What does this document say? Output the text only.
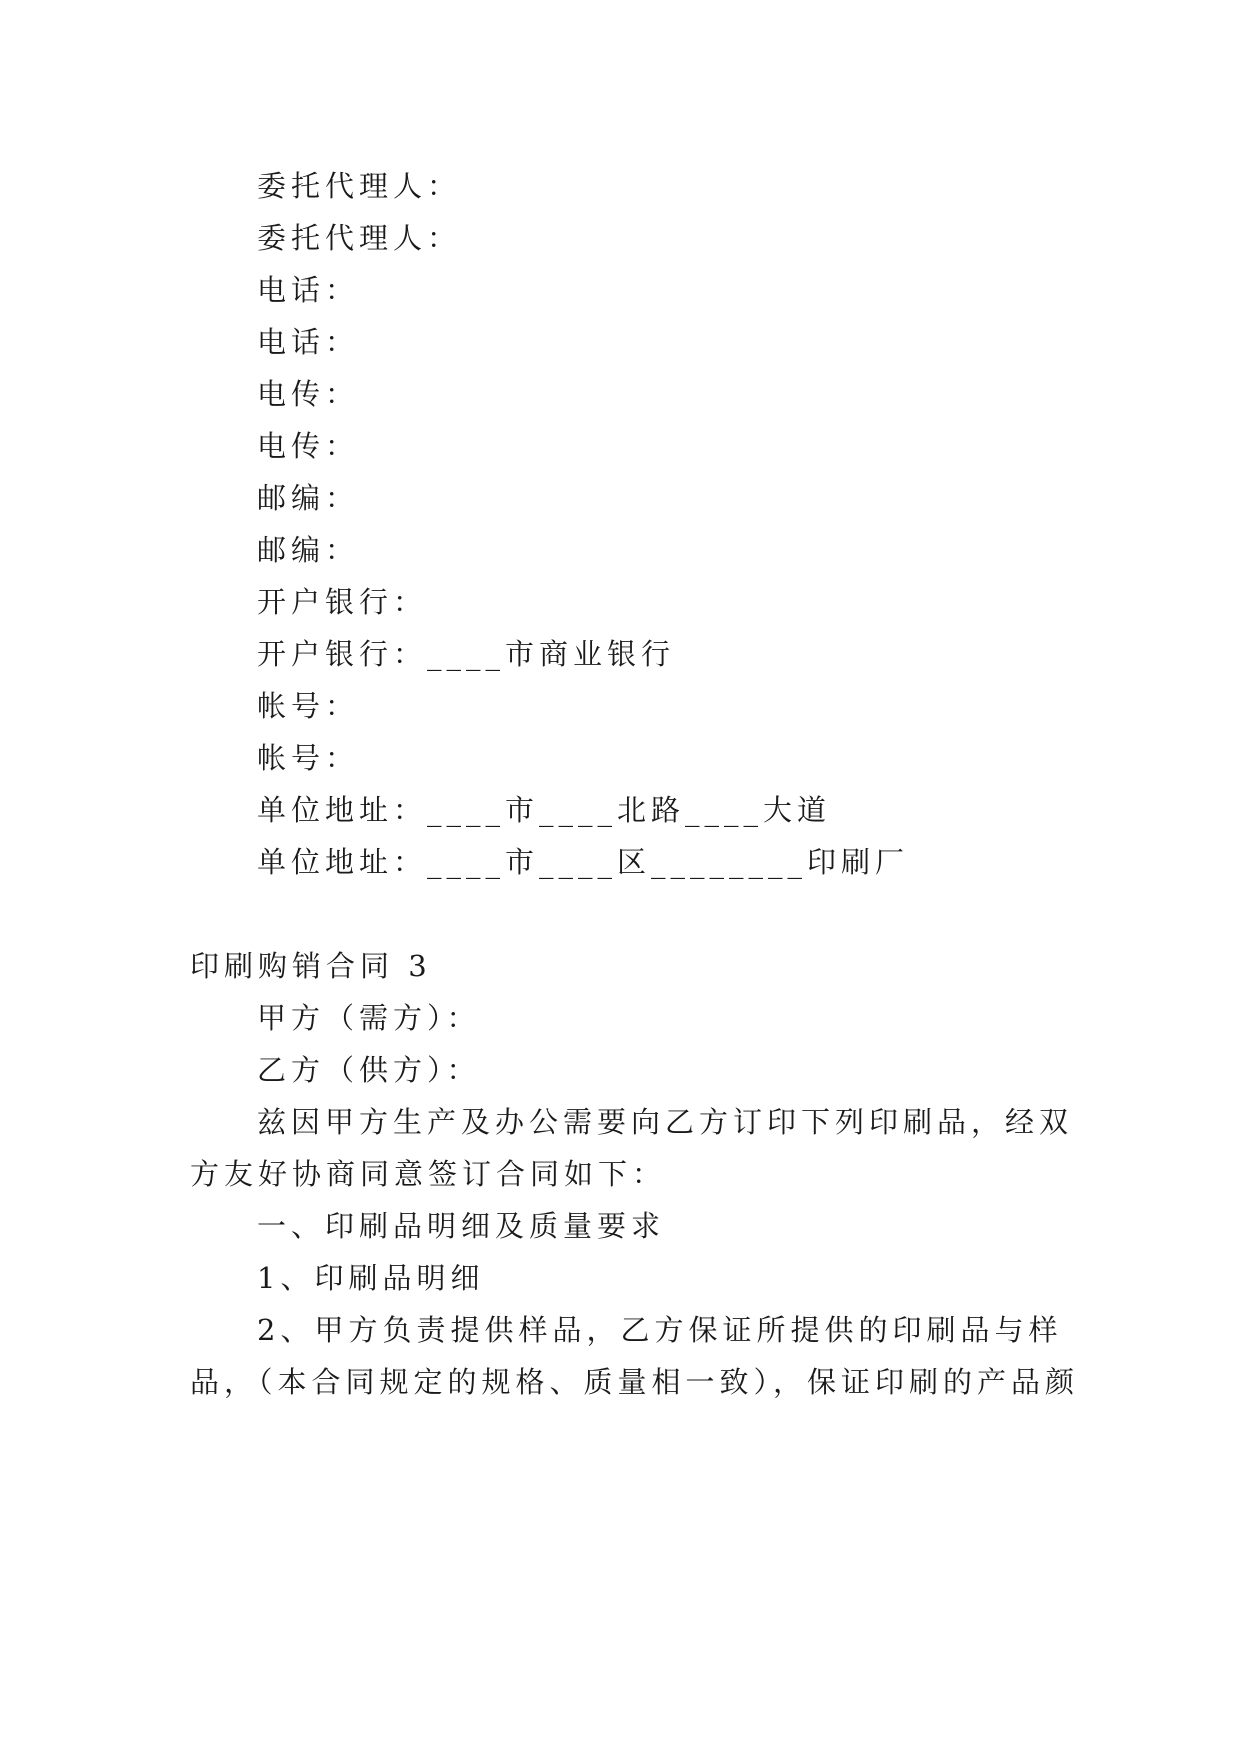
委托代理人：
委托代理人：
电话：
电话：
电传：
电传：
邮编：
邮编：
开户银行：
开户银行：____市商业银行
帐号：
帐号：
单位地址：____市____北路____大道
单位地址：____市____区________印刷厂
印刷购销合同 3
甲方（需方）：
乙方（供方）：
兹因甲方生产及办公需要向乙方订印下列印刷品，经双
方友好协商同意签订合同如下：
一、印刷品明细及质量要求
1、印刷品明细
2、甲方负责提供样品，乙方保证所提供的印刷品与样
品，（本合同规定的规格、质量相一致），保证印刷的产品颜
